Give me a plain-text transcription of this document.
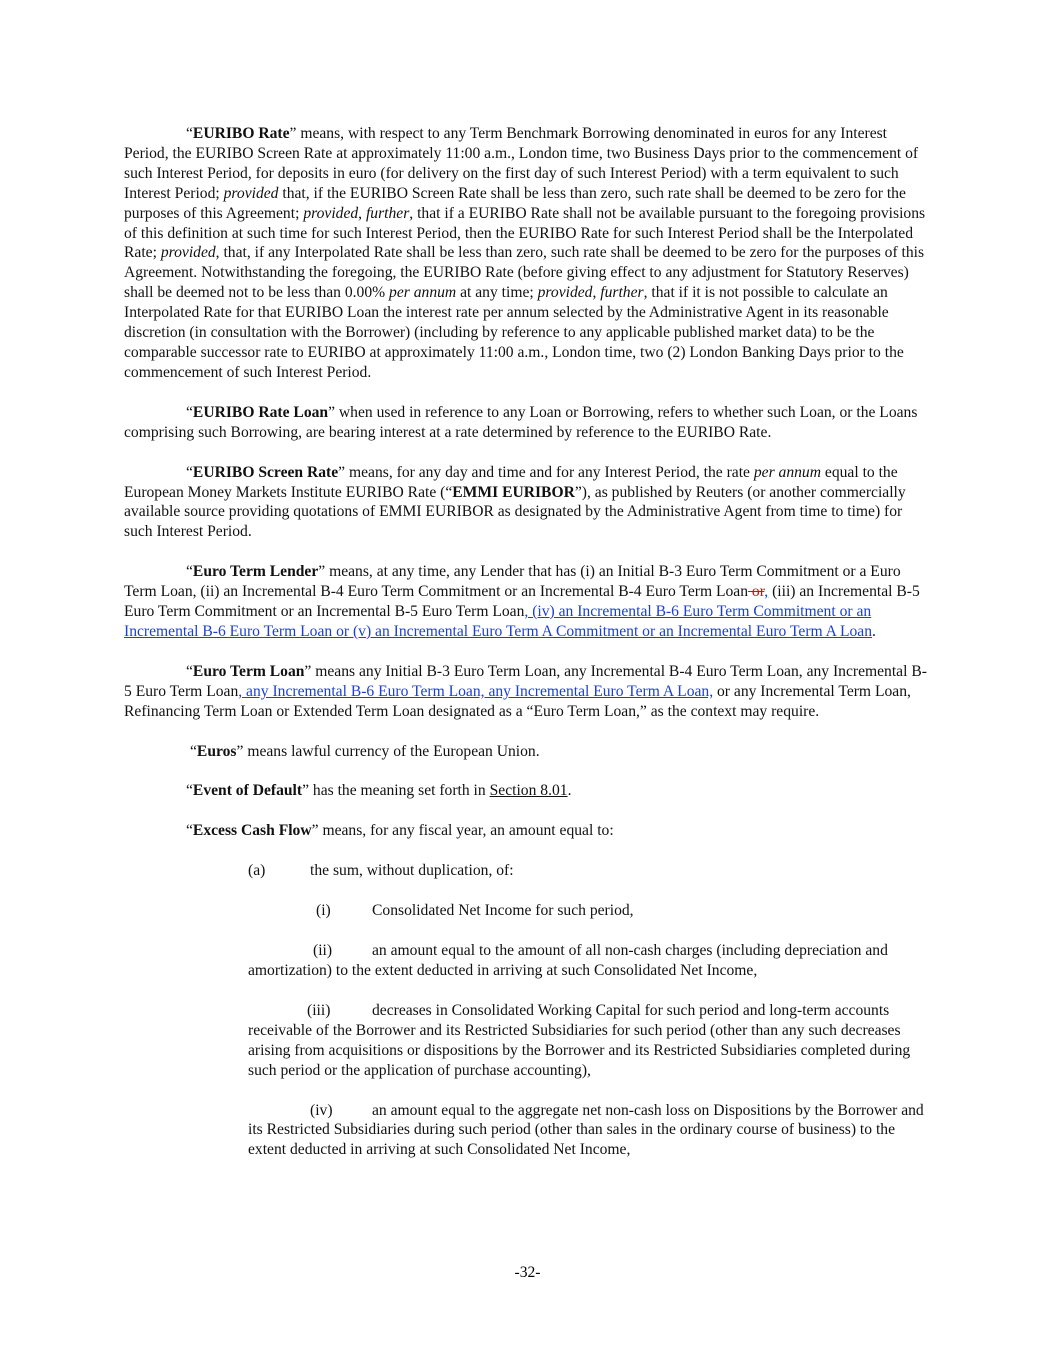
“EURIBO Rate” means, with respect to any Term Benchmark Borrowing denominated in euros for any Interest Period, the EURIBO Screen Rate at approximately 11:00 a.m., London time, two Business Days prior to the commencement of such Interest Period, for deposits in euro (for delivery on the first day of such Interest Period) with a term equivalent to such Interest Period; provided that, if the EURIBO Screen Rate shall be less than zero, such rate shall be deemed to be zero for the purposes of this Agreement; provided, further, that if a EURIBO Rate shall not be available pursuant to the foregoing provisions of this definition at such time for such Interest Period, then the EURIBO Rate for such Interest Period shall be the Interpolated Rate; provided, that, if any Interpolated Rate shall be less than zero, such rate shall be deemed to be zero for the purposes of this Agreement. Notwithstanding the foregoing, the EURIBO Rate (before giving effect to any adjustment for Statutory Reserves) shall be deemed not to be less than 0.00% per annum at any time; provided, further, that if it is not possible to calculate an Interpolated Rate for that EURIBO Loan the interest rate per annum selected by the Administrative Agent in its reasonable discretion (in consultation with the Borrower) (including by reference to any applicable published market data) to be the comparable successor rate to EURIBO at approximately 11:00 a.m., London time, two (2) London Banking Days prior to the commencement of such Interest Period.

“EURIBO Rate Loan” when used in reference to any Loan or Borrowing, refers to whether such Loan, or the Loans comprising such Borrowing, are bearing interest at a rate determined by reference to the EURIBO Rate.

“EURIBO Screen Rate” means, for any day and time and for any Interest Period, the rate per annum equal to the European Money Markets Institute EURIBO Rate (“EMMI EURIBOR”), as published by Reuters (or another commercially available source providing quotations of EMMI EURIBOR as designated by the Administrative Agent from time to time) for such Interest Period.

“Euro Term Lender” means, at any time, any Lender that has (i) an Initial B-3 Euro Term Commitment or a Euro Term Loan, (ii) an Incremental B-4 Euro Term Commitment or an Incremental B-4 Euro Term Loan or, (iii) an Incremental B-5 Euro Term Commitment or an Incremental B-5 Euro Term Loan, (iv) an Incremental B-6 Euro Term Commitment or an Incremental B-6 Euro Term Loan or (v) an Incremental Euro Term A Commitment or an Incremental Euro Term A Loan.

“Euro Term Loan” means any Initial B-3 Euro Term Loan, any Incremental B-4 Euro Term Loan, any Incremental B-5 Euro Term Loan, any Incremental B-6 Euro Term Loan, any Incremental Euro Term A Loan, or any Incremental Term Loan, Refinancing Term Loan or Extended Term Loan designated as a “Euro Term Loan,” as the context may require.

“Euros” means lawful currency of the European Union.

“Event of Default” has the meaning set forth in Section 8.01.

“Excess Cash Flow” means, for any fiscal year, an amount equal to:

(a)	the sum, without duplication, of:

(i)	Consolidated Net Income for such period,

(ii)	an amount equal to the amount of all non-cash charges (including depreciation and amortization) to the extent deducted in arriving at such Consolidated Net Income,

(iii)	decreases in Consolidated Working Capital for such period and long-term accounts receivable of the Borrower and its Restricted Subsidiaries for such period (other than any such decreases arising from acquisitions or dispositions by the Borrower and its Restricted Subsidiaries completed during such period or the application of purchase accounting),

(iv)	an amount equal to the aggregate net non-cash loss on Dispositions by the Borrower and its Restricted Subsidiaries during such period (other than sales in the ordinary course of business) to the extent deducted in arriving at such Consolidated Net Income,

-32-
